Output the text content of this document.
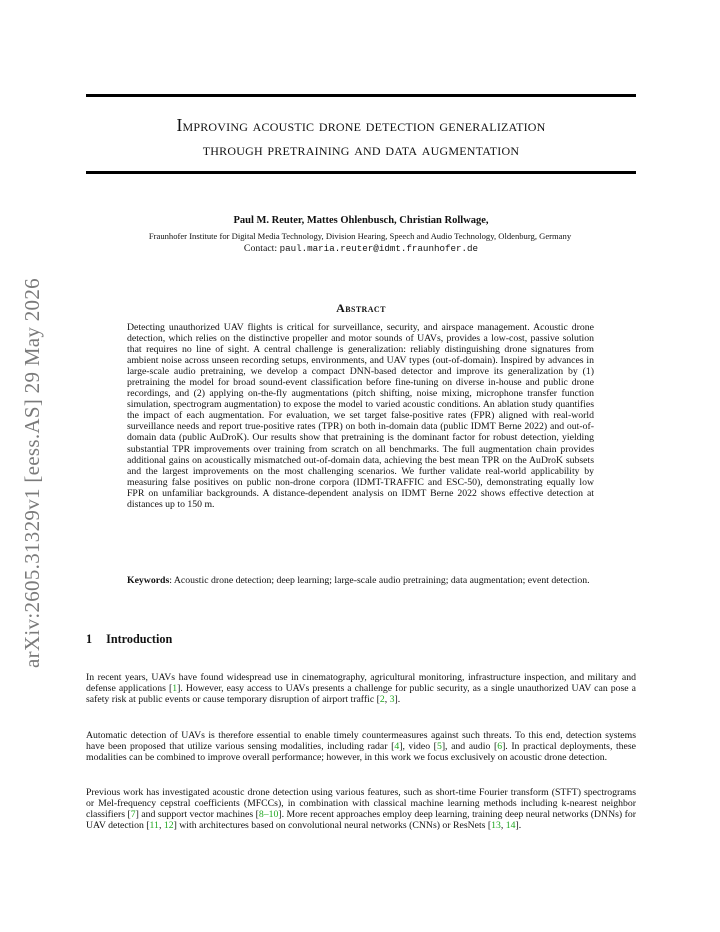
arXiv:2605.31329v1 [eess.AS] 29 May 2026
Improving acoustic drone detection generalization
through pretraining and data augmentation
Paul M. Reuter, Mattes Ohlenbusch, Christian Rollwage,
Fraunhofer Institute for Digital Media Technology, Division Hearing, Speech and Audio Technology, Oldenburg, Germany
Contact: paul.maria.reuter@idmt.fraunhofer.de
Abstract
Detecting unauthorized UAV flights is critical for surveillance, security, and airspace management. Acoustic drone detection, which relies on the distinctive propeller and motor sounds of UAVs, provides a low-cost, passive solution that requires no line of sight. A central challenge is generalization: reliably distinguishing drone signatures from ambient noise across unseen recording setups, environments, and UAV types (out-of-domain). Inspired by advances in large-scale audio pretraining, we develop a compact DNN-based detector and improve its generalization by (1) pretraining the model for broad sound-event classification before fine-tuning on diverse in-house and public drone recordings, and (2) applying on-the-fly augmentations (pitch shifting, noise mixing, microphone transfer function simulation, spectrogram augmentation) to expose the model to varied acoustic conditions. An ablation study quantifies the impact of each augmentation. For evaluation, we set target false-positive rates (FPR) aligned with real-world surveillance needs and report true-positive rates (TPR) on both in-domain data (public IDMT Berne 2022) and out-of-domain data (public AuDroK). Our results show that pretraining is the dominant factor for robust detection, yielding substantial TPR improvements over training from scratch on all benchmarks. The full augmentation chain provides additional gains on acoustically mismatched out-of-domain data, achieving the best mean TPR on the AuDroK subsets and the largest improvements on the most challenging scenarios. We further validate real-world applicability by measuring false positives on public non-drone corpora (IDMT-TRAFFIC and ESC-50), demonstrating equally low FPR on unfamiliar backgrounds. A distance-dependent analysis on IDMT Berne 2022 shows effective detection at distances up to 150 m.
Keywords: Acoustic drone detection; deep learning; large-scale audio pretraining; data augmentation; event detection.
1 Introduction
In recent years, UAVs have found widespread use in cinematography, agricultural monitoring, infrastructure inspection, and military and defense applications [1]. However, easy access to UAVs presents a challenge for public security, as a single unauthorized UAV can pose a safety risk at public events or cause temporary disruption of airport traffic [2, 3].
Automatic detection of UAVs is therefore essential to enable timely countermeasures against such threats. To this end, detection systems have been proposed that utilize various sensing modalities, including radar [4], video [5], and audio [6]. In practical deployments, these modalities can be combined to improve overall performance; however, in this work we focus exclusively on acoustic drone detection.
Previous work has investigated acoustic drone detection using various features, such as short-time Fourier transform (STFT) spectrograms or Mel-frequency cepstral coefficients (MFCCs), in combination with classical machine learning methods including k-nearest neighbor classifiers [7] and support vector machines [8–10]. More recent approaches employ deep learning, training deep neural networks (DNNs) for UAV detection [11, 12] with architectures based on convolutional neural networks (CNNs) or ResNets [13, 14].
